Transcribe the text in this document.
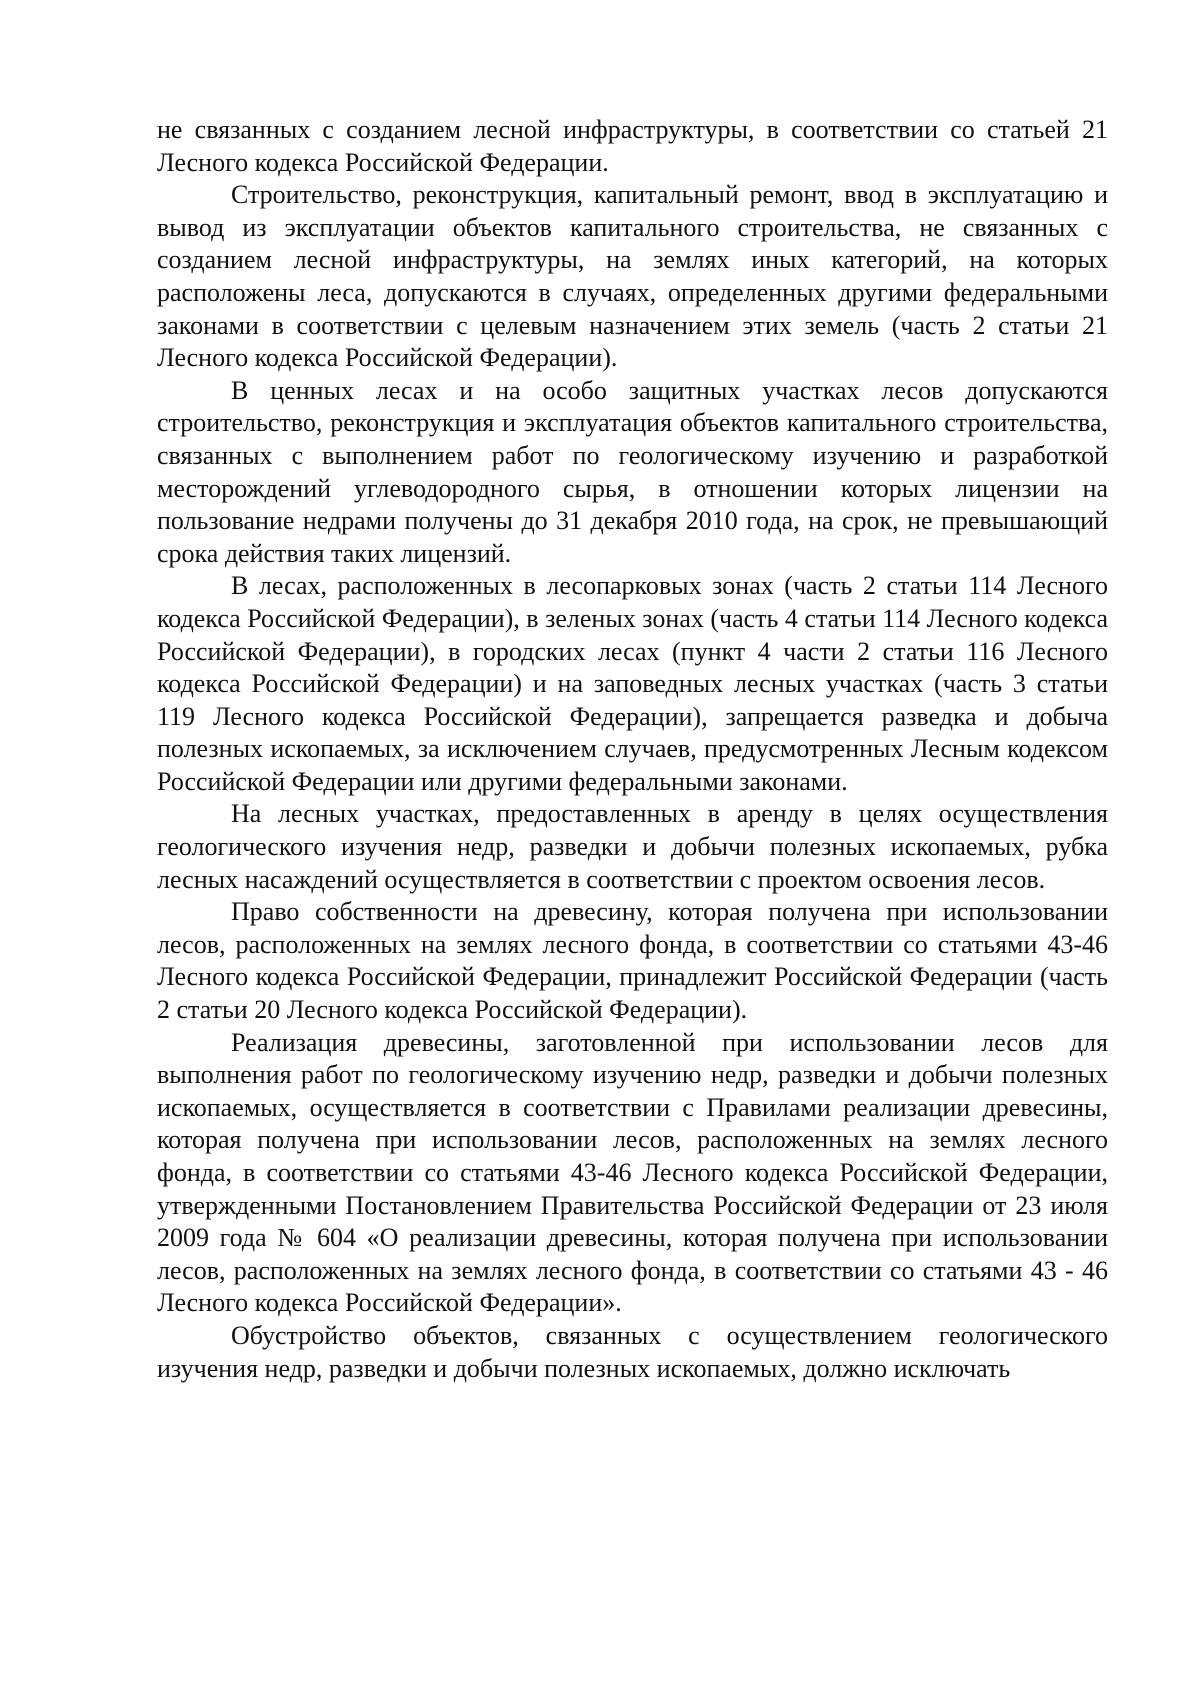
не связанных с созданием лесной инфраструктуры, в соответствии со статьей 21 Лесного кодекса Российской Федерации.

Строительство, реконструкция, капитальный ремонт, ввод в эксплуатацию и вывод из эксплуатации объектов капитального строительства, не связанных с созданием лесной инфраструктуры, на землях иных категорий, на которых расположены леса, допускаются в случаях, определенных другими федеральными законами в соответствии с целевым назначением этих земель (часть 2 статьи 21 Лесного кодекса Российской Федерации).

В ценных лесах и на особо защитных участках лесов допускаются строительство, реконструкция и эксплуатация объектов капитального строительства, связанных с выполнением работ по геологическому изучению и разработкой месторождений углеводородного сырья, в отношении которых лицензии на пользование недрами получены до 31 декабря 2010 года, на срок, не превышающий срока действия таких лицензий.

В лесах, расположенных в лесопарковых зонах (часть 2 статьи 114 Лесного кодекса Российской Федерации), в зеленых зонах (часть 4 статьи 114 Лесного кодекса Российской Федерации), в городских лесах (пункт 4 части 2 статьи 116 Лесного кодекса Российской Федерации) и на заповедных лесных участках (часть 3 статьи 119 Лесного кодекса Российской Федерации), запрещается разведка и добыча полезных ископаемых, за исключением случаев, предусмотренных Лесным кодексом Российской Федерации или другими федеральными законами.

На лесных участках, предоставленных в аренду в целях осуществления геологического изучения недр, разведки и добычи полезных ископаемых, рубка лесных насаждений осуществляется в соответствии с проектом освоения лесов.

Право собственности на древесину, которая получена при использовании лесов, расположенных на землях лесного фонда, в соответствии со статьями 43-46 Лесного кодекса Российской Федерации, принадлежит Российской Федерации (часть 2 статьи 20 Лесного кодекса Российской Федерации).

Реализация древесины, заготовленной при использовании лесов для выполнения работ по геологическому изучению недр, разведки и добычи полезных ископаемых, осуществляется в соответствии с Правилами реализации древесины, которая получена при использовании лесов, расположенных на землях лесного фонда, в соответствии со статьями 43-46 Лесного кодекса Российской Федерации, утвержденными Постановлением Правительства Российской Федерации от 23 июля 2009 года № 604 «О реализации древесины, которая получена при использовании лесов, расположенных на землях лесного фонда, в соответствии со статьями 43 - 46 Лесного кодекса Российской Федерации».

Обустройство объектов, связанных с осуществлением геологического изучения недр, разведки и добычи полезных ископаемых, должно исключать
